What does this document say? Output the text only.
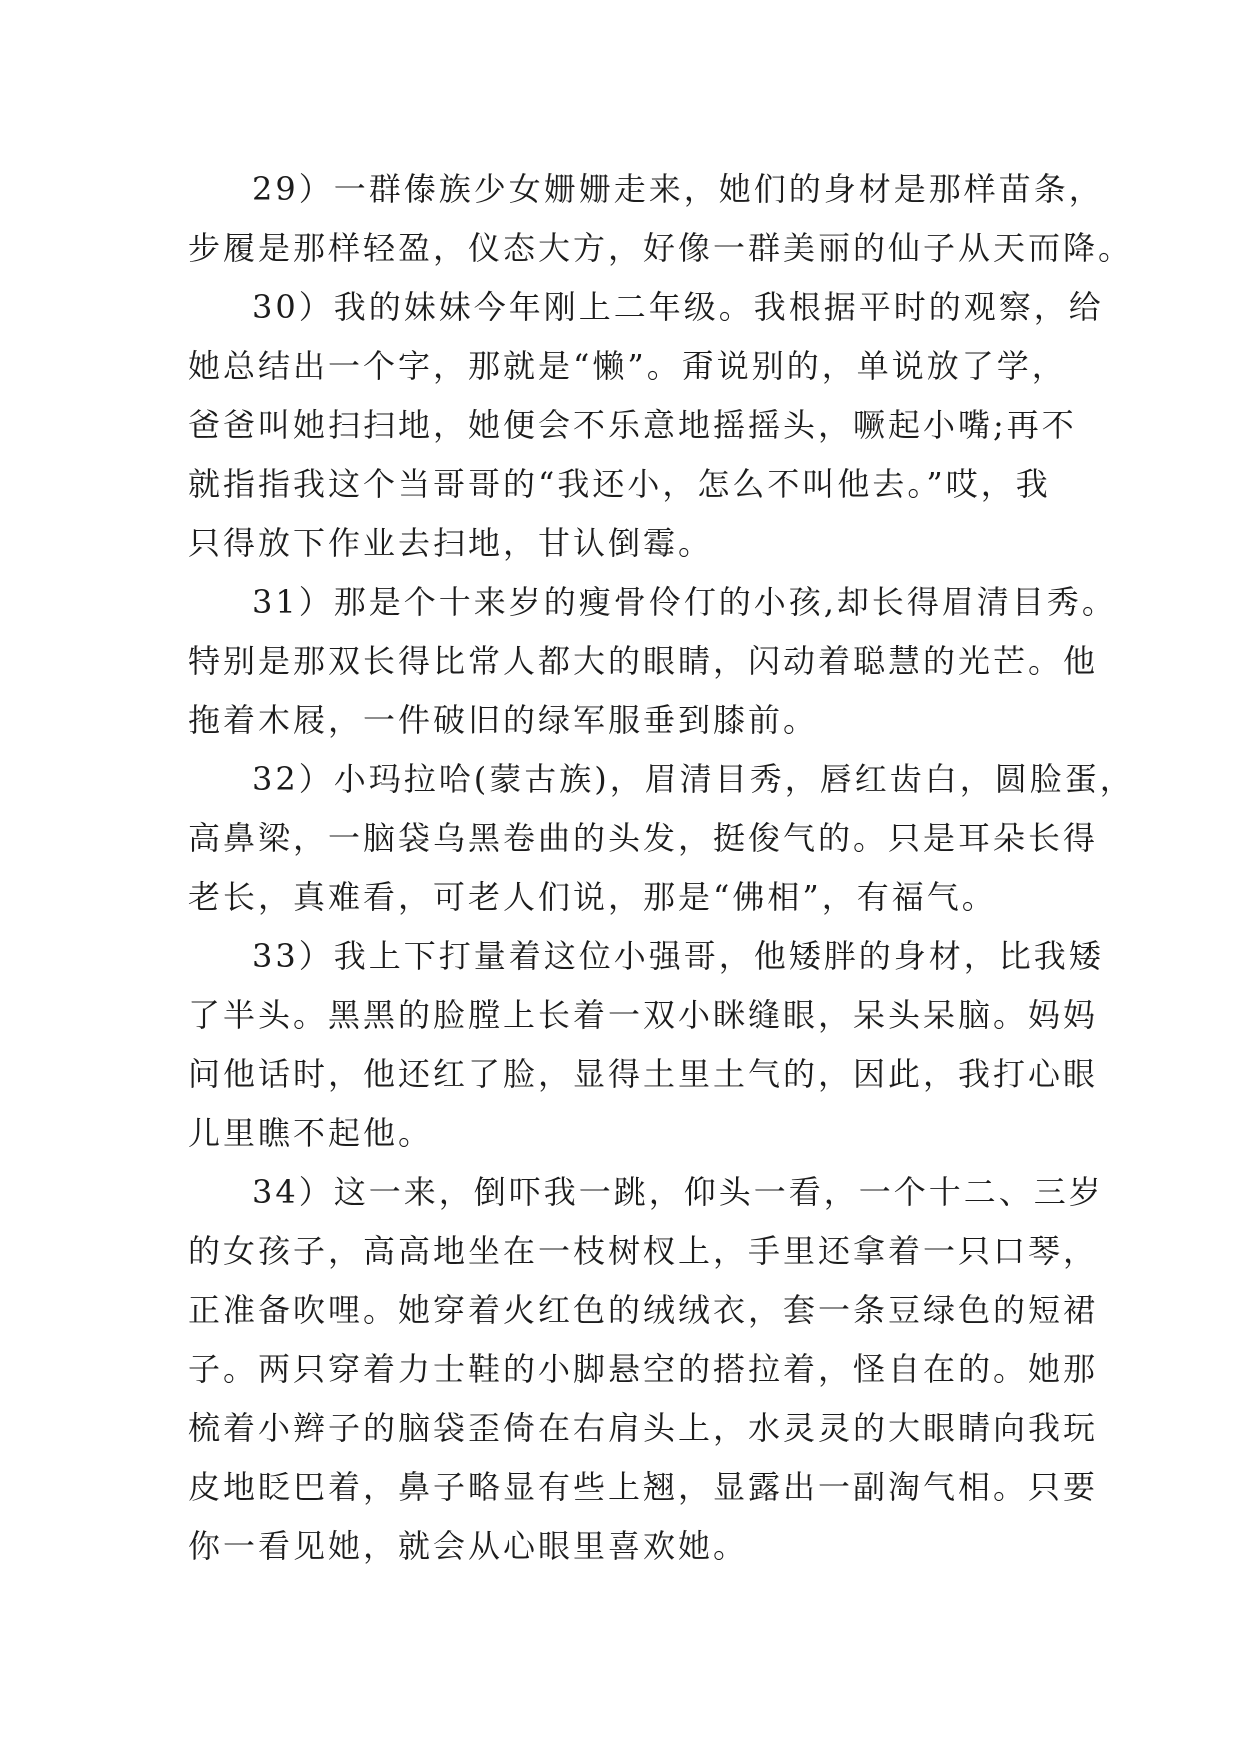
29）一群傣族少女姗姗走来，她们的身材是那样苗条，
步履是那样轻盈，仪态大方，好像一群美丽的仙子从天而降。
30）我的妹妹今年刚上二年级。我根据平时的观察，给
她总结出一个字，那就是“懒”。甭说别的，单说放了学，
爸爸叫她扫扫地，她便会不乐意地摇摇头，噘起小嘴;再不
就指指我这个当哥哥的“我还小，怎么不叫他去。”哎，我
只得放下作业去扫地，甘认倒霉。
31）那是个十来岁的瘦骨伶仃的小孩,却长得眉清目秀。
特别是那双长得比常人都大的眼睛，闪动着聪慧的光芒。他
拖着木屐，一件破旧的绿军服垂到膝前。
32）小玛拉哈(蒙古族)，眉清目秀，唇红齿白，圆脸蛋，
高鼻梁，一脑袋乌黑卷曲的头发，挺俊气的。只是耳朵长得
老长，真难看，可老人们说，那是“佛相”，有福气。
33）我上下打量着这位小强哥，他矮胖的身材，比我矮
了半头。黑黑的脸膛上长着一双小眯缝眼，呆头呆脑。妈妈
问他话时，他还红了脸，显得土里土气的，因此，我打心眼
儿里瞧不起他。
34）这一来，倒吓我一跳，仰头一看，一个十二、三岁
的女孩子，高高地坐在一枝树杈上，手里还拿着一只口琴，
正准备吹哩。她穿着火红色的绒绒衣，套一条豆绿色的短裙
子。两只穿着力士鞋的小脚悬空的搭拉着，怪自在的。她那
梳着小辫子的脑袋歪倚在右肩头上，水灵灵的大眼睛向我玩
皮地眨巴着，鼻子略显有些上翘，显露出一副淘气相。只要
你一看见她，就会从心眼里喜欢她。
